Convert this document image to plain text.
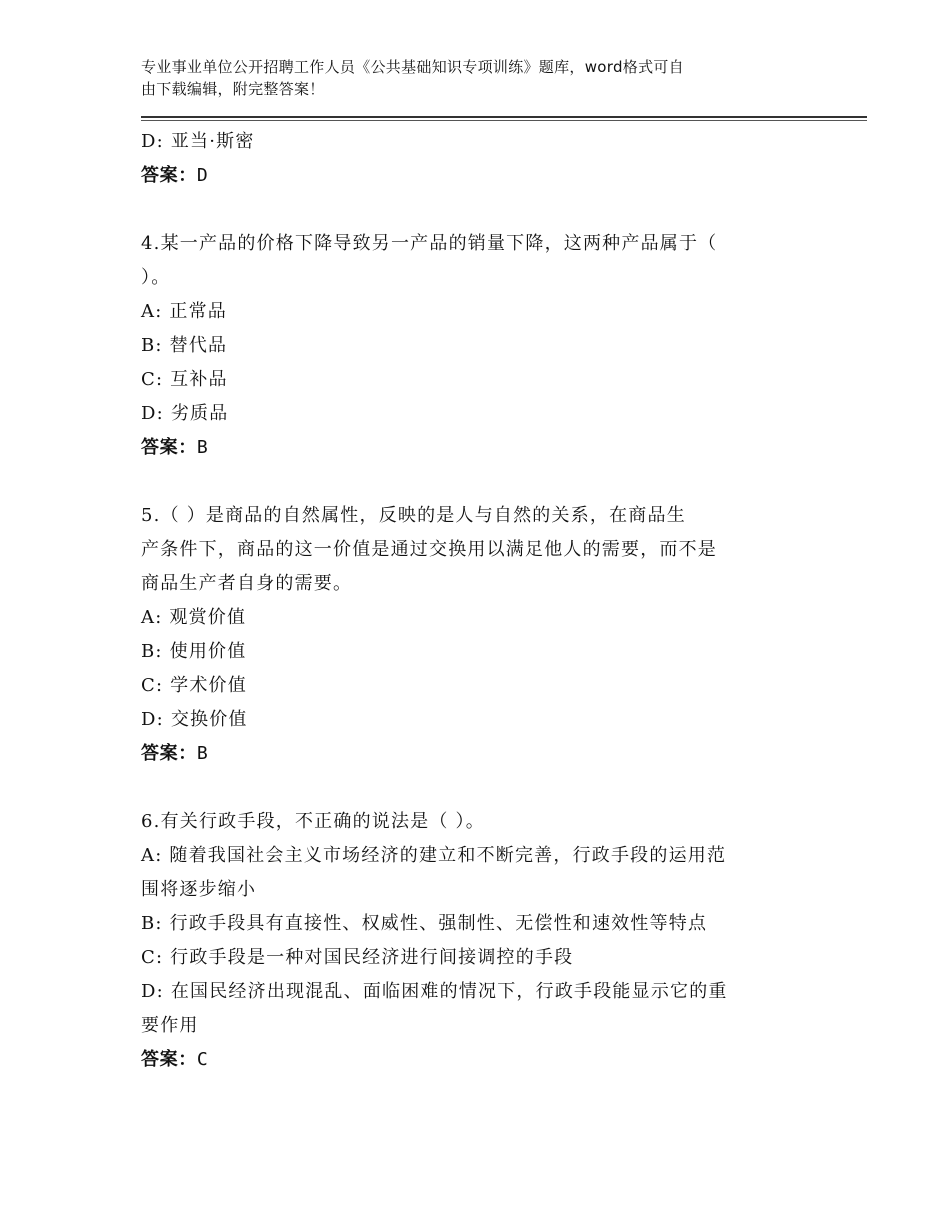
专业事业单位公开招聘工作人员《公共基础知识专项训练》题库，word格式可自
由下载编辑，附完整答案！
D: 亚当·斯密
答案：D
4.某一产品的价格下降导致另一产品的销量下降，这两种产品属于（
）。
A: 正常品
B: 替代品
C: 互补品
D: 劣质品
答案：B
5.（ ）是商品的自然属性，反映的是人与自然的关系，在商品生
产条件下，商品的这一价值是通过交换用以满足他人的需要，而不是
商品生产者自身的需要。
A: 观赏价值
B: 使用价值
C: 学术价值
D: 交换价值
答案：B
6.有关行政手段，不正确的说法是（ ）。
A: 随着我国社会主义市场经济的建立和不断完善，行政手段的运用范
围将逐步缩小
B: 行政手段具有直接性、权威性、强制性、无偿性和速效性等特点
C: 行政手段是一种对国民经济进行间接调控的手段
D: 在国民经济出现混乱、面临困难的情况下，行政手段能显示它的重
要作用
答案：C
